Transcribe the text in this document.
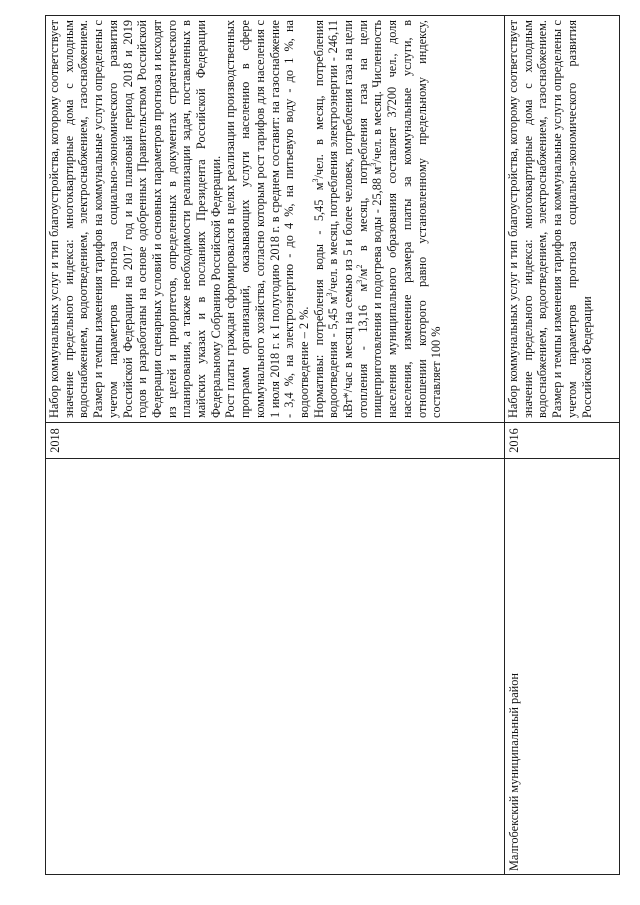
2018

Набор коммунальных услуг и тип благоустройства, которому соответствует значение предельного индекса: многоквартирные дома с холодным водоснабжением, водоотведением, электроснабжением, газоснабжением. Размер и темпы изменения тарифов на коммунальные услуги определены с учетом параметров прогноза социально-экономического развития Российской Федерации на 2017 год и на плановый период 2018 и 2019 годов и разработаны на основе одобренных Правительством Российской Федерации сценарных условий и основных параметров прогноза и исходят из целей и приоритетов, определенных в документах стратегического планирования, а также необходимости реализации задач, поставленных в майских указах и в посланиях Президента Российской Федерации Федеральному Собранию Российской Федерации. Рост платы граждан сформировался в целях реализации производственных программ организаций, оказывающих услуги населению в сфере коммунального хозяйства, согласно которым рост тарифов для населения с 1 июля 2018 г. к I полугодию 2018 г. в среднем составит: на газоснабжение - 3,4 %, на электроэнергию - до 4 %, на питьевую воду - до 1 %, на водоотведение – 2 %. Нормативы: потребления воды - 5,45 $м^3$/чел. в месяц, потребления водоотведения - 5,45 $м^3$/чел. в месяц, потребления электроэнергии - 246,11 кВт*/час в месяц на семью из 5 и более человек, потребления газа на цели отопления - 13,16 $м^3/м^2$ в месяц, потребления газа на цели пищеприготовления и подогрева воды - 25,88 $м^3$/чел. в месяц. Численность населения муниципального образования составляет 37200 чел., доля населения, изменение размера платы за коммунальные услуги, в отношении которого равно установленному предельному индексу, составляет 100 %

Малгобекский муниципальный район
2016

Набор коммунальных услуг и тип благоустройства, которому соответствует значение предельного индекса: многоквартирные дома с холодным водоснабжением, водоотведением, электроснабжением, газоснабжением. Размер и темпы изменения тарифов на коммунальные услуги определены с учетом параметров прогноза социально-экономического развития Российской Федерации
